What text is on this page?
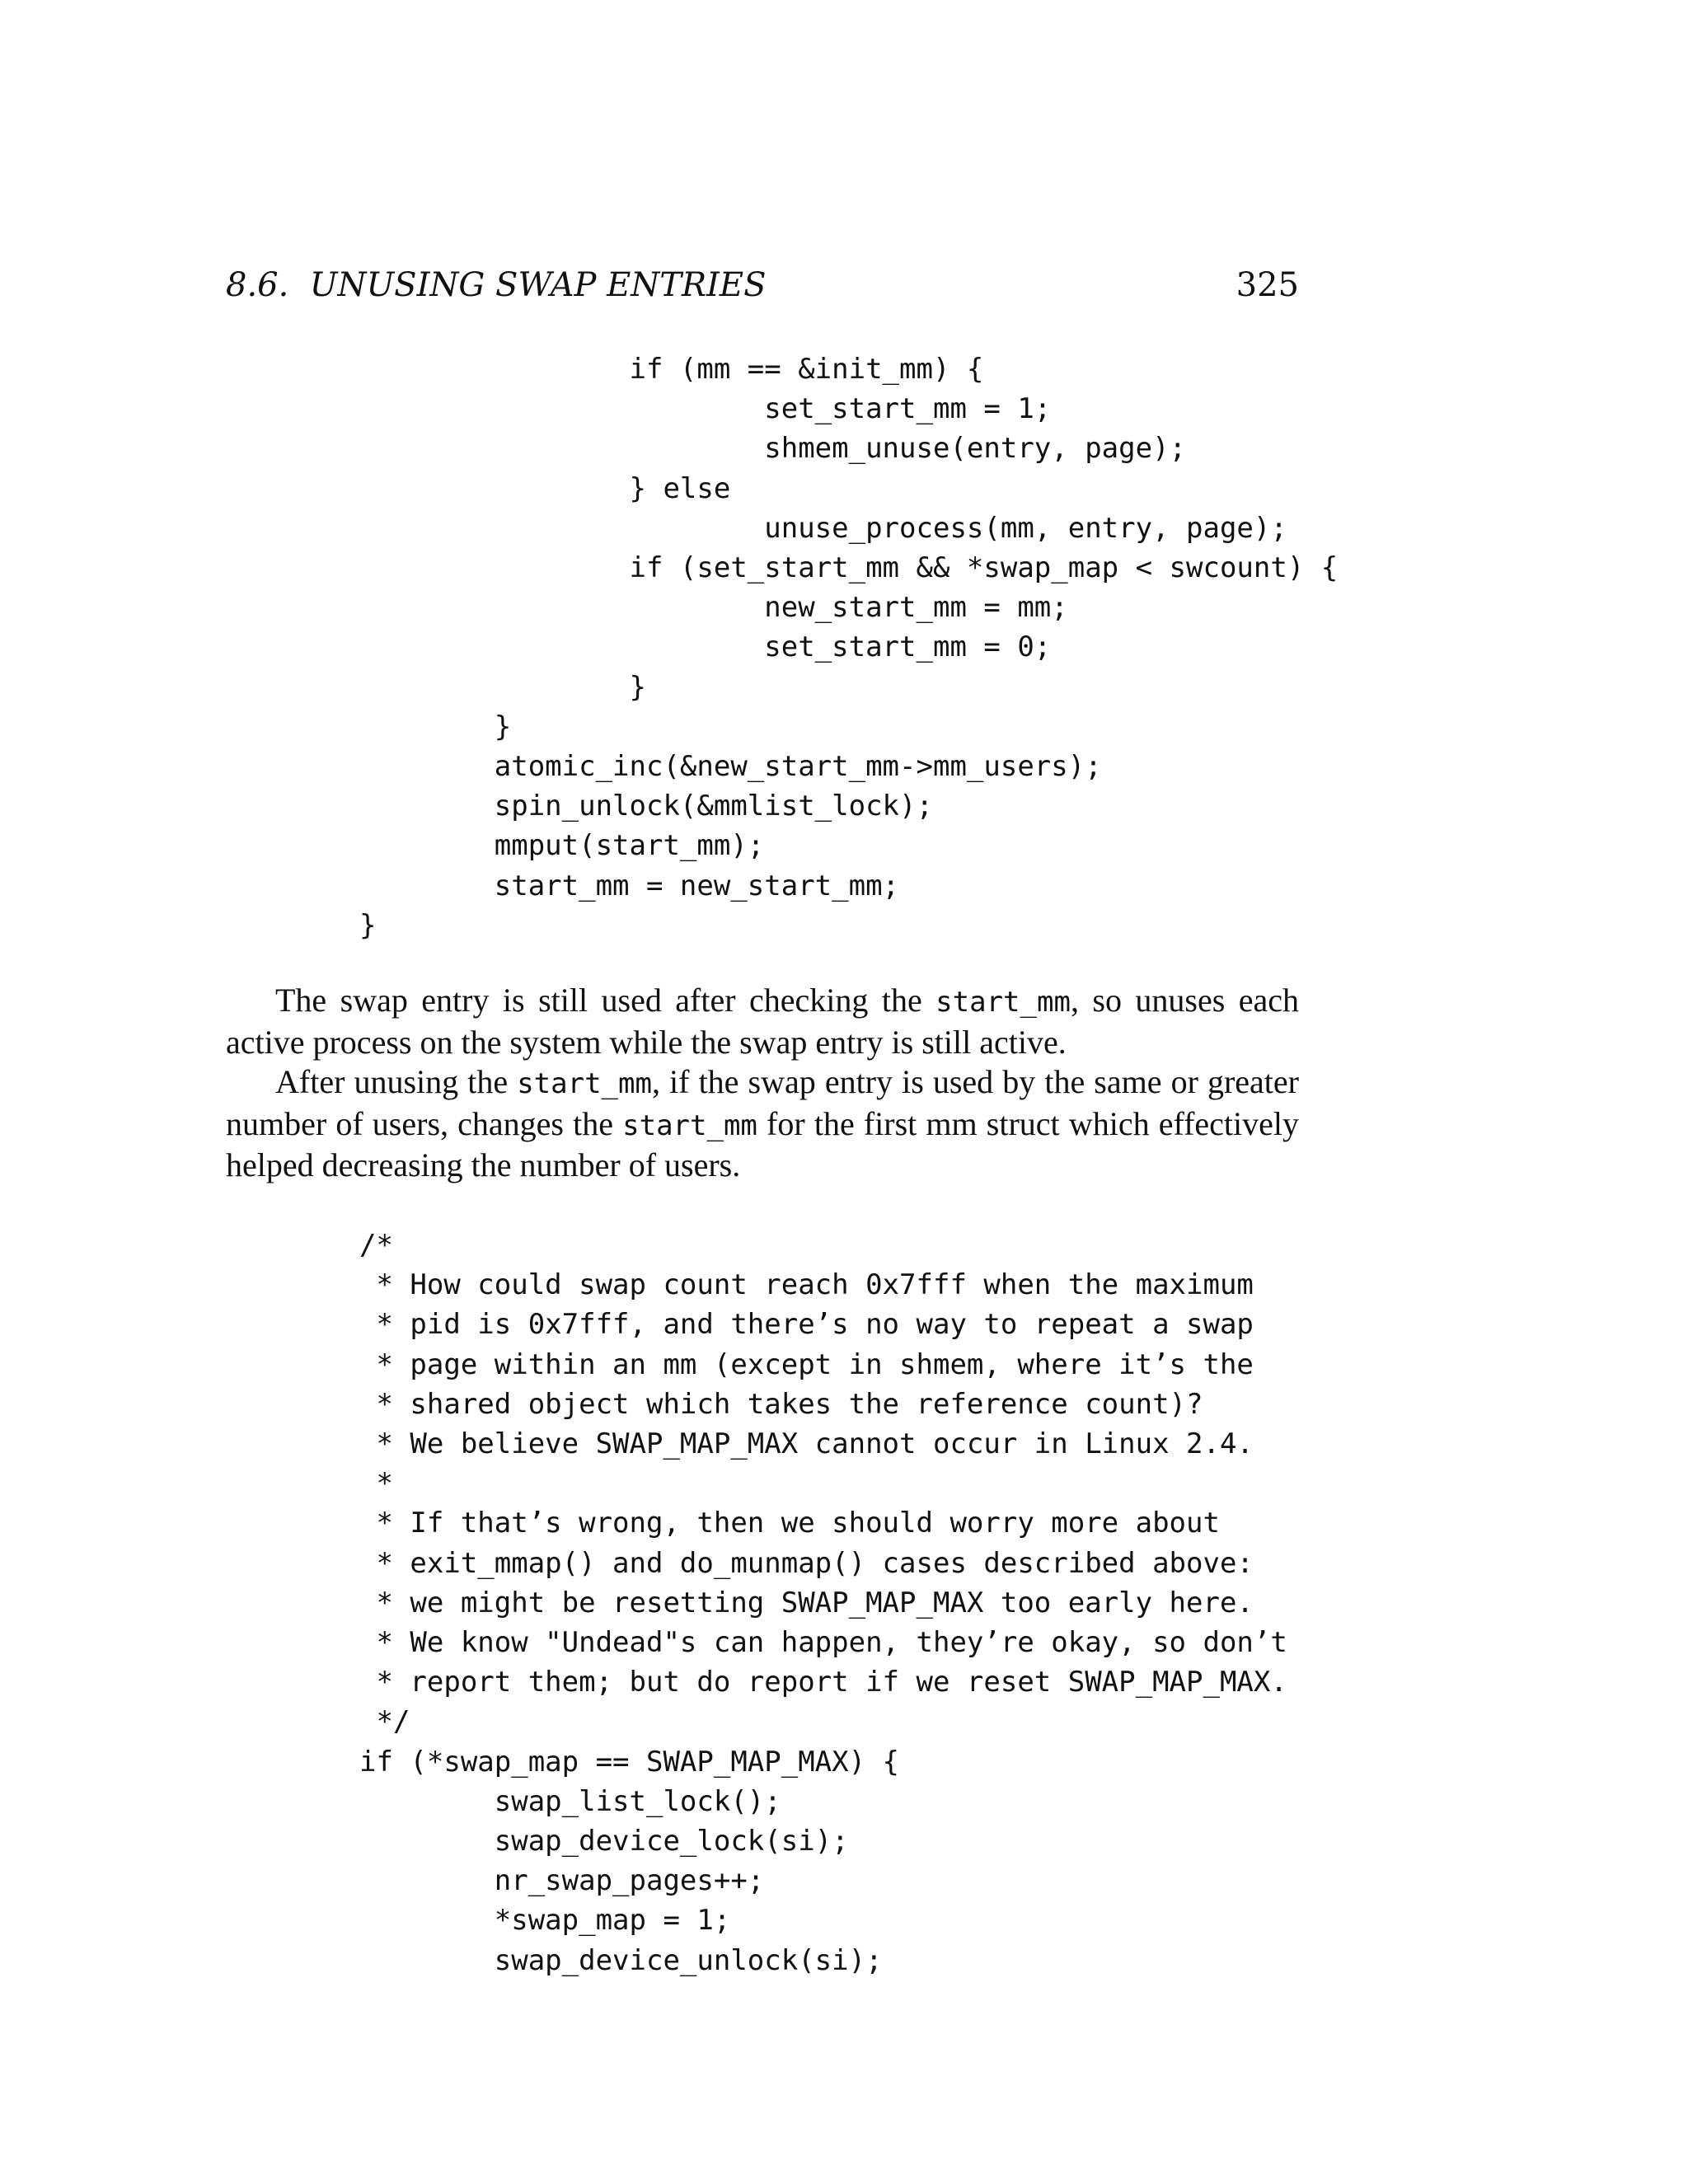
8.6.  UNUSING SWAP ENTRIES	325
if (mm == &init_mm) {
set_start_mm = 1;
shmem_unuse(entry, page);
} else
unuse_process(mm, entry, page);
if (set_start_mm && *swap_map < swcount) {
new_start_mm = mm;
set_start_mm = 0;
}
}
atomic_inc(&new_start_mm->mm_users);
spin_unlock(&mmlist_lock);
mmput(start_mm);
start_mm = new_start_mm;
}

The swap entry is still used after checking the start_mm, so unuses each active process on the system while the swap entry is still active.

After unusing the start_mm, if the swap entry is used by the same or greater number of users, changes the start_mm for the first mm struct which effectively helped decreasing the number of users.

/*
* How could swap count reach 0x7fff when the maximum
* pid is 0x7fff, and there’s no way to repeat a swap
* page within an mm (except in shmem, where it’s the
* shared object which takes the reference count)?
* We believe SWAP_MAP_MAX cannot occur in Linux 2.4.
*
* If that’s wrong, then we should worry more about
* exit_mmap() and do_munmap() cases described above:
* we might be resetting SWAP_MAP_MAX too early here.
* We know "Undead"s can happen, they’re okay, so don’t
* report them; but do report if we reset SWAP_MAP_MAX.
*/
if (*swap_map == SWAP_MAP_MAX) {
swap_list_lock();
swap_device_lock(si);
nr_swap_pages++;
*swap_map = 1;
swap_device_unlock(si);
